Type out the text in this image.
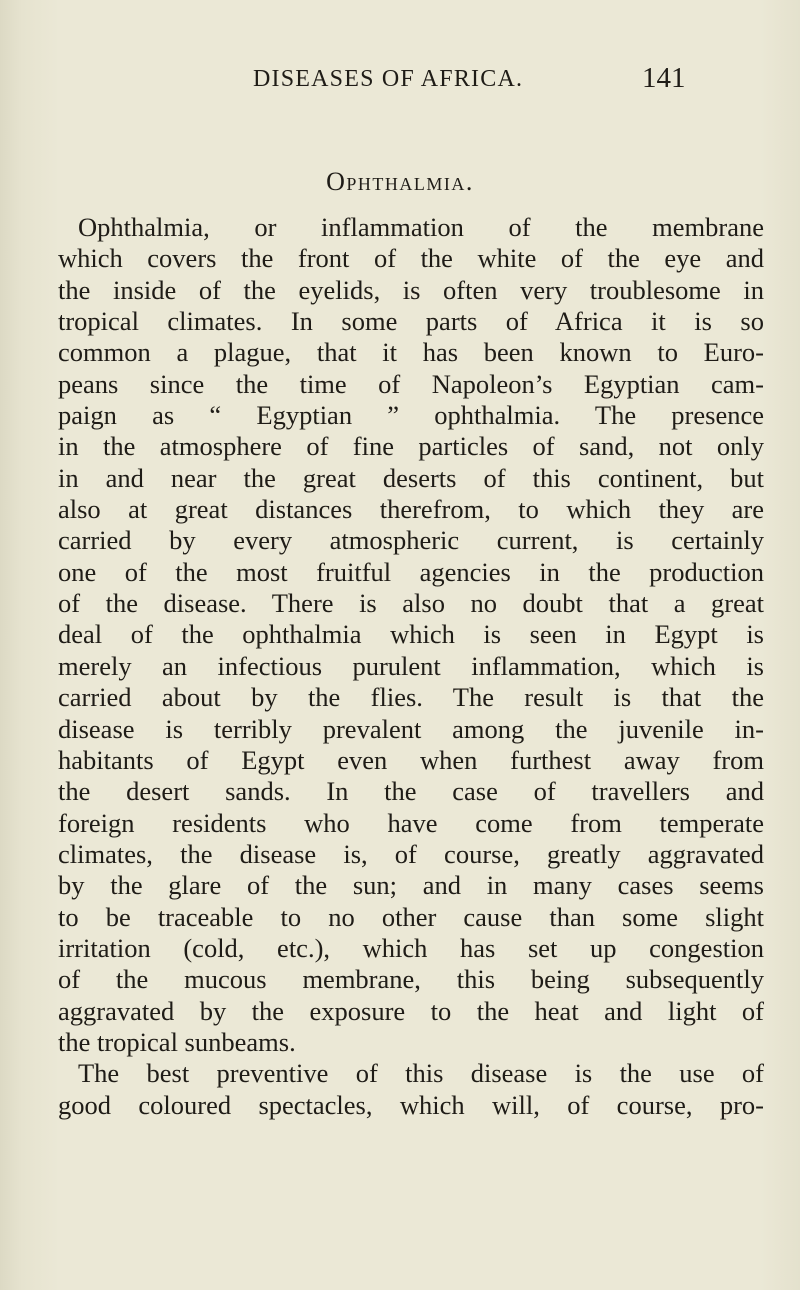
DISEASES OF AFRICA.	141
Ophthalmia.
Ophthalmia, or inflammation of the membrane
which covers the front of the white of the eye and
the inside of the eyelids, is often very troublesome in
tropical climates. In some parts of Africa it is so
common a plague, that it has been known to Euro-
peans since the time of Napoleon’s Egyptian cam-
paign as “ Egyptian ” ophthalmia. The presence
in the atmosphere of fine particles of sand, not only
in and near the great deserts of this continent, but
also at great distances therefrom, to which they are
carried by every atmospheric current, is certainly
one of the most fruitful agencies in the production
of the disease. There is also no doubt that a great
deal of the ophthalmia which is seen in Egypt is
merely an infectious purulent inflammation, which is
carried about by the flies. The result is that the
disease is terribly prevalent among the juvenile in-
habitants of Egypt even when furthest away from
the desert sands. In the case of travellers and
foreign residents who have come from temperate
climates, the disease is, of course, greatly aggravated
by the glare of the sun; and in many cases seems
to be traceable to no other cause than some slight
irritation (cold, etc.), which has set up congestion
of the mucous membrane, this being subsequently
aggravated by the exposure to the heat and light of
the tropical sunbeams.
The best preventive of this disease is the use of
good coloured spectacles, which will, of course, pro-
